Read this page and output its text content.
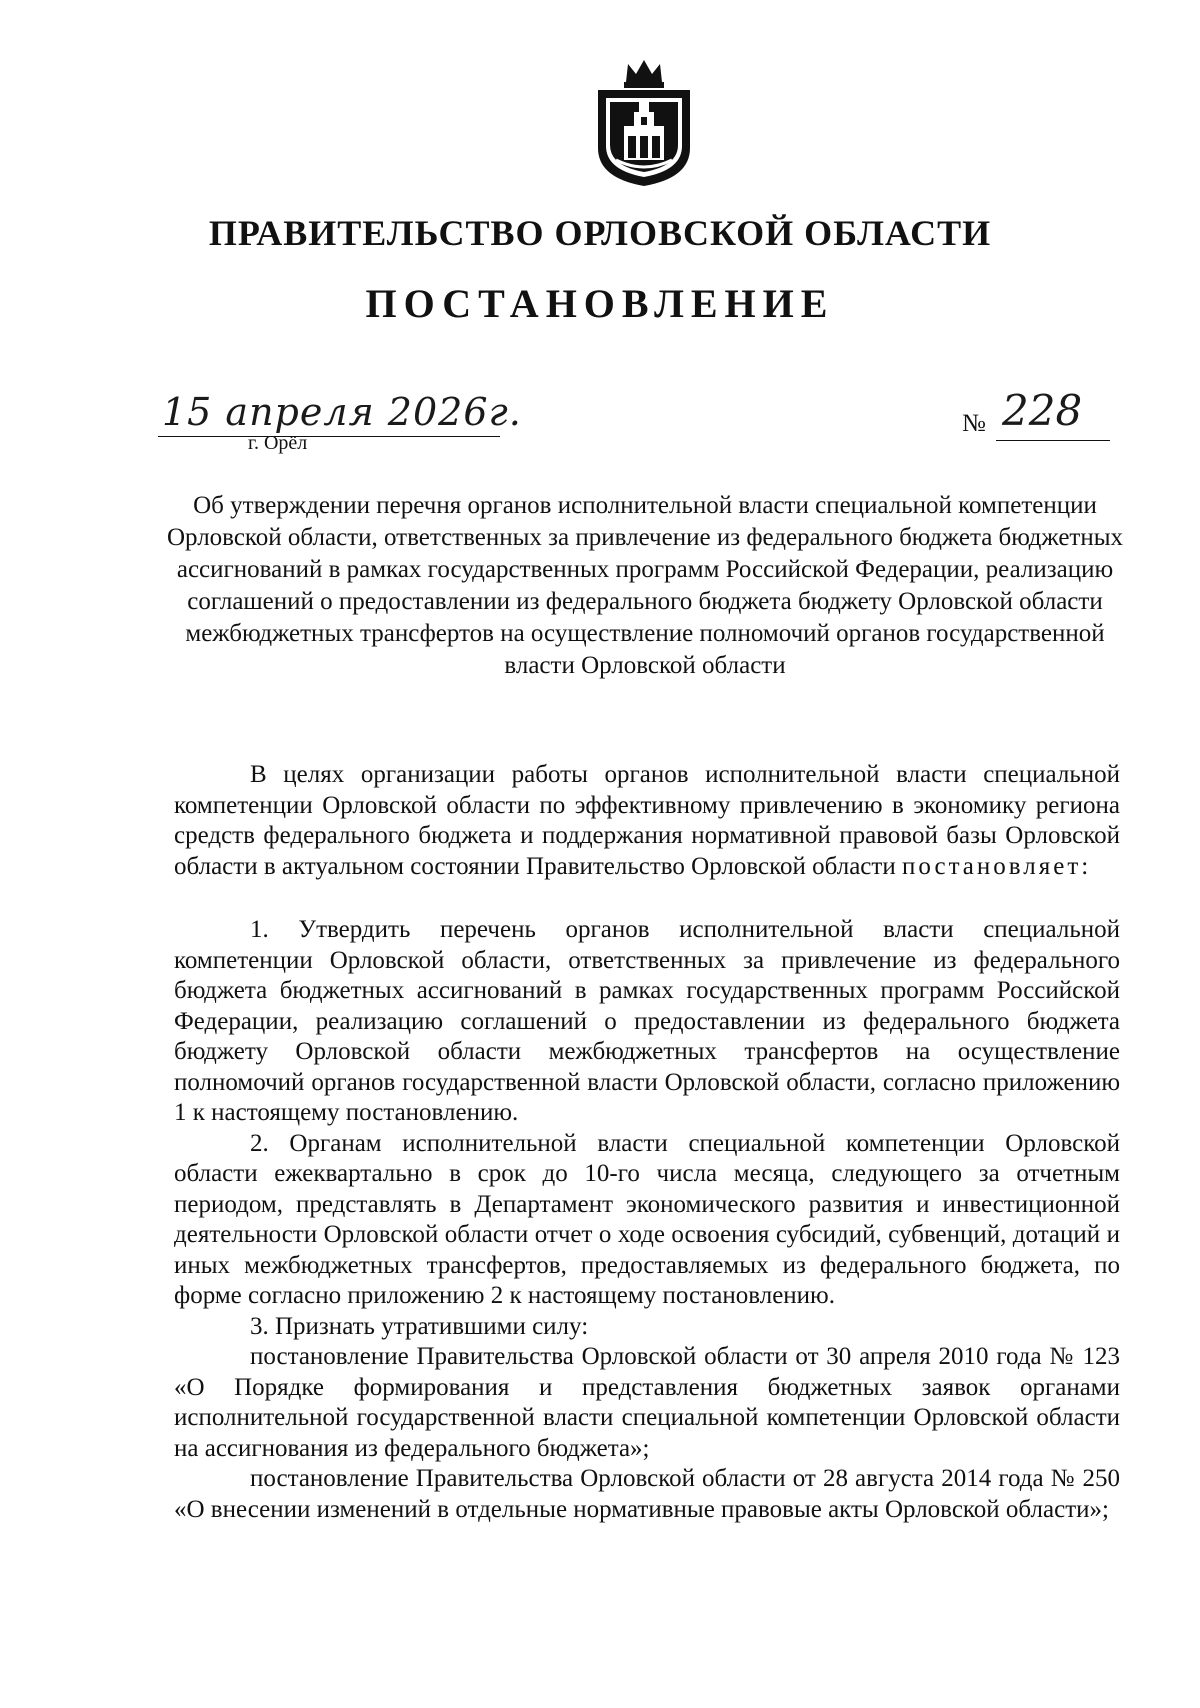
ПРАВИТЕЛЬСТВО ОРЛОВСКОЙ ОБЛАСТИ
ПОСТАНОВЛЕНИЕ
15 апреля 2026г.
г. Орёл
№ 228

Об утверждении перечня органов исполнительной власти специальной компетенции Орловской области, ответственных за привлечение из федерального бюджета бюджетных ассигнований в рамках государственных программ Российской Федерации, реализацию соглашений о предоставлении из федерального бюджета бюджету Орловской области межбюджетных трансфертов на осуществление полномочий органов государственной власти Орловской области

В целях организации работы органов исполнительной власти специальной компетенции Орловской области по эффективному привлечению в экономику региона средств федерального бюджета и поддержания нормативной правовой базы Орловской области в актуальном состоянии Правительство Орловской области постановляет:

1. Утвердить перечень органов исполнительной власти специальной компетенции Орловской области, ответственных за привлечение из федерального бюджета бюджетных ассигнований в рамках государственных программ Российской Федерации, реализацию соглашений о предоставлении из федерального бюджета бюджету Орловской области межбюджетных трансфертов на осуществление полномочий органов государственной власти Орловской области, согласно приложению 1 к настоящему постановлению.

2. Органам исполнительной власти специальной компетенции Орловской области ежеквартально в срок до 10-го числа месяца, следующего за отчетным периодом, представлять в Департамент экономического развития и инвестиционной деятельности Орловской области отчет о ходе освоения субсидий, субвенций, дотаций и иных межбюджетных трансфертов, предоставляемых из федерального бюджета, по форме согласно приложению 2 к настоящему постановлению.

3. Признать утратившими силу:

постановление Правительства Орловской области от 30 апреля 2010 года № 123 «О Порядке формирования и представления бюджетных заявок органами исполнительной государственной власти специальной компетенции Орловской области на ассигнования из федерального бюджета»;

постановление Правительства Орловской области от 28 августа 2014 года № 250 «О внесении изменений в отдельные нормативные правовые акты Орловской области»;
